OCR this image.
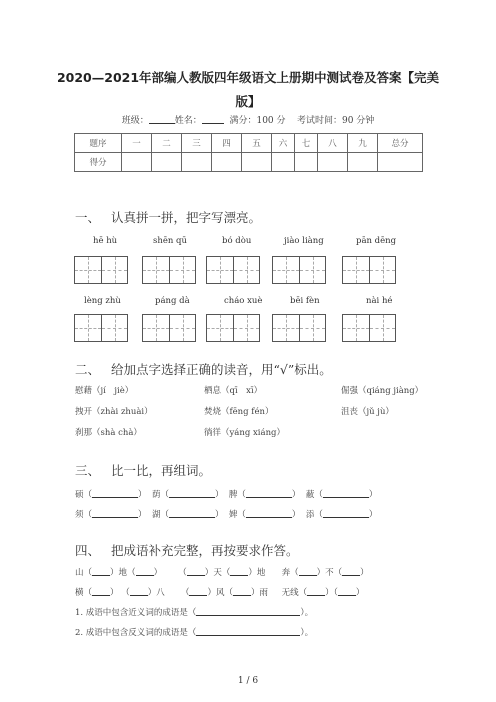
2020—2021年部编人教版四年级语文上册期中测试卷及答案【完美
版】
班级：	姓名：	满分：100 分 考试时间：90 分钟
题序	一	二	三	四	五	六	七	八	九	总分
得分										
一、 认真拼一拼，把字写漂亮。
hē hù	shēn qū	bó dòu	jiào liàng	pān dēng
lèng zhù	páng dà	cháo xuè	bēi fèn	nài hé
二、 给加点字选择正确的读音，用“√”标出。
慰藉（jí　jiè）	栖息（qī　xī）	倔强（qiáng jiàng）
拽开（zhài zhuài）	焚烧（fēng fén）	沮丧（jǔ jù）
刹那（shà chà）	徜徉（yáng xiáng）
三、 比一比，再组词。
硕（	）  荫（	）  脾（	）  蔽（	）
须（	）  湖（	）  婢（	）  添（	）
四、 把成语补充完整，再按要求作答。
山（ ）地（ ）      （ ）天（ ）地 奔（ ）不（ ）
横（ ） （ ）八      （ ）风（ ）雨 无线（ ）（ ）
1. 成语中包含近义词的成语是（	）。
2. 成语中包含反义词的成语是（	）。
1 / 6
